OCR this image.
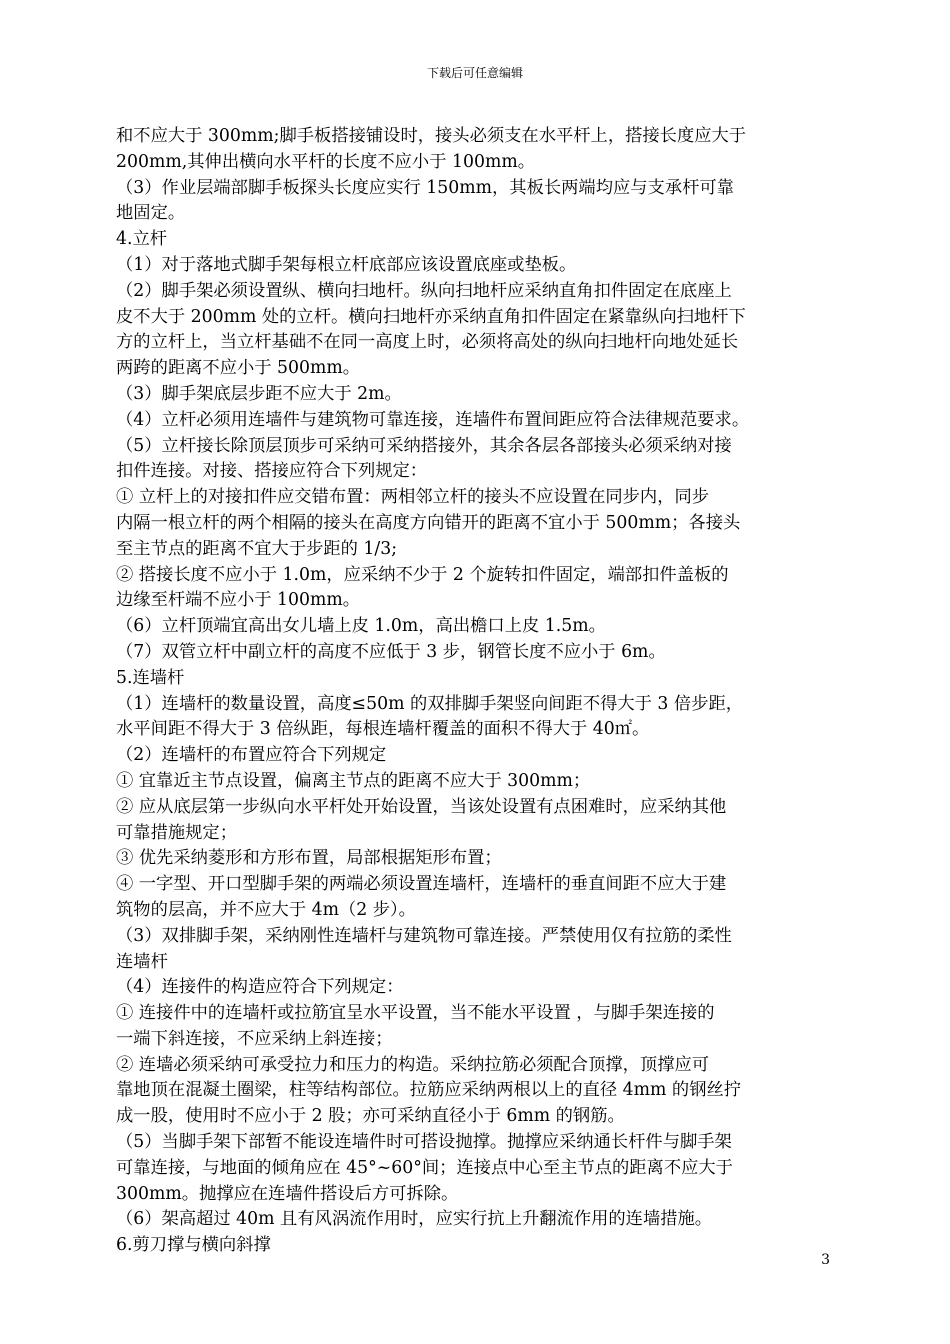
下载后可任意编辑

和不应大于 300mm;脚手板搭接铺设时，接头必须支在水平杆上，搭接长度应大于

200mm,其伸出横向水平杆的长度不应小于 100mm。

（3）作业层端部脚手板探头长度应实行 150mm，其板长两端均应与支承杆可靠

地固定。

4.立杆

（1）对于落地式脚手架每根立杆底部应该设置底座或垫板。

（2）脚手架必须设置纵、横向扫地杆。纵向扫地杆应采纳直角扣件固定在底座上

皮不大于 200mm 处的立杆。横向扫地杆亦采纳直角扣件固定在紧靠纵向扫地杆下

方的立杆上，当立杆基础不在同一高度上时，必须将高处的纵向扫地杆向地处延长

两跨的距离不应小于 500mm。

（3）脚手架底层步距不应大于 2m。

（4）立杆必须用连墙件与建筑物可靠连接，连墙件布置间距应符合法律规范要求。

（5）立杆接长除顶层顶步可采纳可采纳搭接外，其余各层各部接头必须采纳对接

扣件连接。对接、搭接应符合下列规定：

① 立杆上的对接扣件应交错布置：两相邻立杆的接头不应设置在同步内，同步

内隔一根立杆的两个相隔的接头在高度方向错开的距离不宜小于 500mm；各接头

至主节点的距离不宜大于步距的 1/3;

② 搭接长度不应小于 1.0m，应采纳不少于 2 个旋转扣件固定，端部扣件盖板的

边缘至杆端不应小于 100mm。

（6）立杆顶端宜高出女儿墙上皮 1.0m，高出檐口上皮 1.5m。

（7）双管立杆中副立杆的高度不应低于 3 步，钢管长度不应小于 6m。

5.连墙杆

（1）连墙杆的数量设置，高度≤50m 的双排脚手架竖向间距不得大于 3 倍步距，

水平间距不得大于 3 倍纵距，每根连墙杆覆盖的面积不得大于 40㎡。

（2）连墙杆的布置应符合下列规定

① 宜靠近主节点设置，偏离主节点的距离不应大于 300mm；

② 应从底层第一步纵向水平杆处开始设置，当该处设置有点困难时，应采纳其他

可靠措施规定；

③ 优先采纳菱形和方形布置，局部根据矩形布置；

④ 一字型、开口型脚手架的两端必须设置连墙杆，连墙杆的垂直间距不应大于建

筑物的层高，并不应大于 4m（2 步）。

（3）双排脚手架，采纳刚性连墙杆与建筑物可靠连接。严禁使用仅有拉筋的柔性

连墙杆

（4）连接件的构造应符合下列规定：

① 连接件中的连墙杆或拉筋宜呈水平设置，当不能水平设置 ，与脚手架连接的

一端下斜连接，不应采纳上斜连接；

② 连墙必须采纳可承受拉力和压力的构造。采纳拉筋必须配合顶撑，顶撑应可

靠地顶在混凝土圈梁，柱等结构部位。拉筋应采纳两根以上的直径 4mm 的钢丝拧

成一股，使用时不应小于 2 股；亦可采纳直径小于 6mm 的钢筋。

（5）当脚手架下部暂不能设连墙件时可搭设抛撑。抛撑应采纳通长杆件与脚手架

可靠连接，与地面的倾角应在 45°~60°间；连接点中心至主节点的距离不应大于

300mm。抛撑应在连墙件搭设后方可拆除。

（6）架高超过 40m 且有风涡流作用时，应实行抗上升翻流作用的连墙措施。

6.剪刀撑与横向斜撑

3
